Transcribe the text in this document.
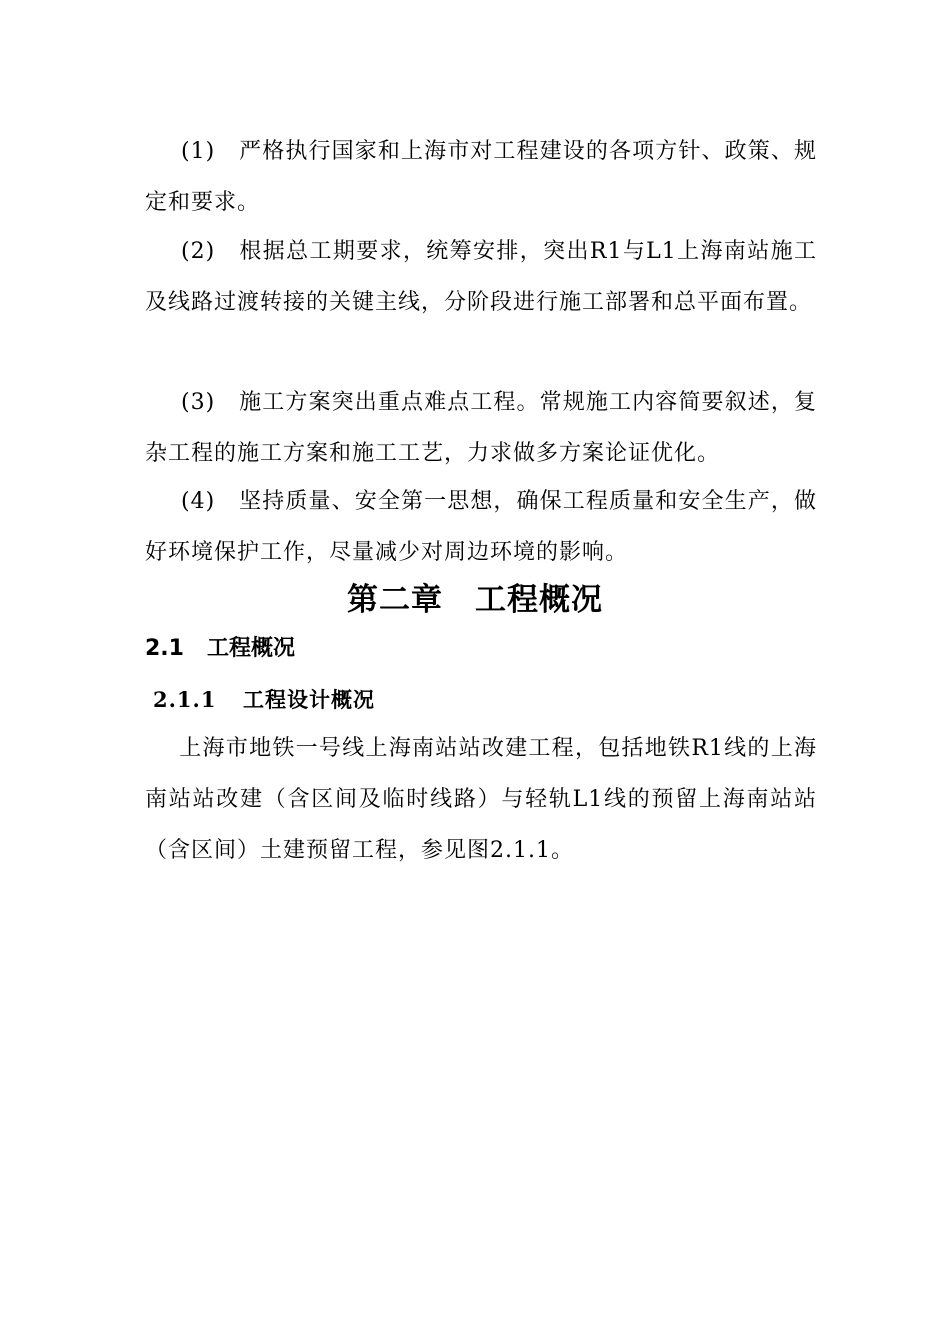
(1) 严格执行国家和上海市对工程建设的各项方针、政策、规定和要求。

(2) 根据总工期要求，统筹安排，突出R1与L1上海南站施工及线路过渡转接的关键主线，分阶段进行施工部署和总平面布置。

(3) 施工方案突出重点难点工程。常规施工内容简要叙述，复杂工程的施工方案和施工工艺，力求做多方案论证优化。

(4) 坚持质量、安全第一思想，确保工程质量和安全生产，做好环境保护工作，尽量减少对周边环境的影响。

第二章　工程概况
2.1 工程概况
2.1.1 工程设计概况

上海市地铁一号线上海南站站改建工程，包括地铁R1线的上海南站站改建（含区间及临时线路）与轻轨L1线的预留上海南站站（含区间）土建预留工程，参见图2.1.1。
